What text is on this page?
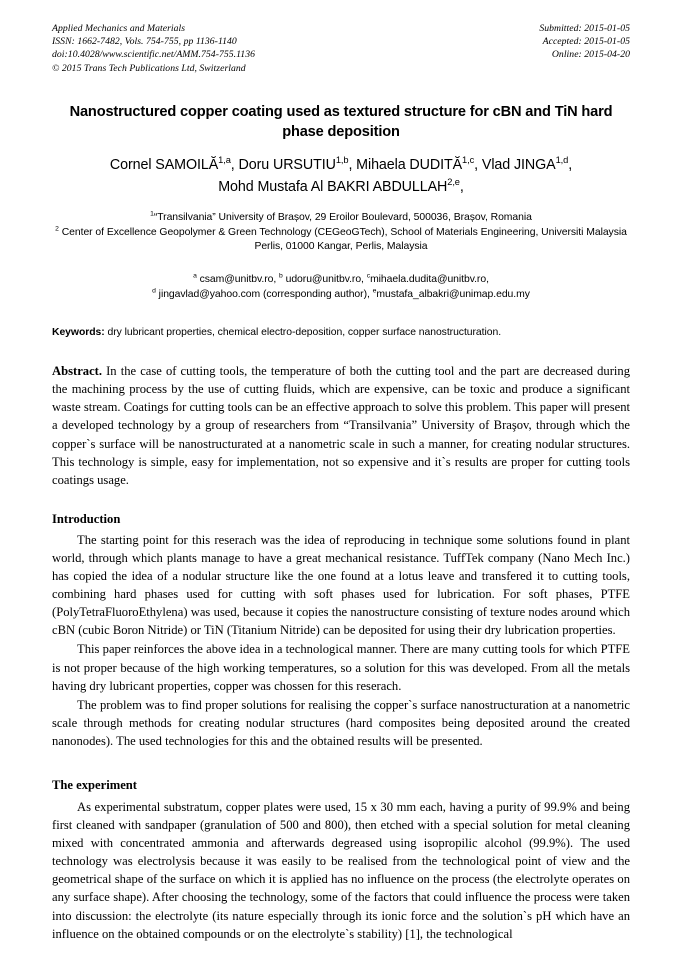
Applied Mechanics and Materials
ISSN: 1662-7482, Vols. 754-755, pp 1136-1140
doi:10.4028/www.scientific.net/AMM.754-755.1136
© 2015 Trans Tech Publications Ltd, Switzerland
Submitted: 2015-01-05
Accepted: 2015-01-05
Online: 2015-04-20
Nanostructured copper coating used as textured structure for cBN and TiN hard phase deposition
Cornel SAMOILĂ$^{1,a}$, Doru URSUTIU$^{1,b}$, Mihaela DUDITĂ$^{1,c}$, Vlad JINGA$^{1,d}$,
Mohd Mustafa Al BAKRI ABDULLAH$^{2,e}$,
$^1$“Transilvania” University of Brașov, 29 Eroilor Boulevard, 500036, Brașov, Romania
$^2$ Center of Excellence Geopolymer & Green Technology (CEGeoGTech), School of Materials Engineering, Universiti Malaysia Perlis, 01000 Kangar, Perlis, Malaysia
$^a$ csam@unitbv.ro, $^b$ udoru@unitbv.ro, $^c$mihaela.dudita@unitbv.ro,
$^d$ jingavlad@yahoo.com (corresponding author), $^e$mustafa_albakri@unimap.edu.my
Keywords: dry lubricant properties, chemical electro-deposition, copper surface nanostructuration.
Abstract. In the case of cutting tools, the temperature of both the cutting tool and the part are decreased during the machining process by the use of cutting fluids, which are expensive, can be toxic and produce a significant waste stream. Coatings for cutting tools can be an effective approach to solve this problem. This paper will present a developed technology by a group of researchers from “Transilvania” University of Braşov, through which the copper`s surface will be nanostructurated at a nanometric scale in such a manner, for creating nodular structures. This technology is simple, easy for implementation, not so expensive and it`s results are proper for cutting tools coatings usage.
Introduction

The starting point for this reserach was the idea of reproducing in technique some solutions found in plant world, through which plants manage to have a great mechanical resistance. TuffTek company (Nano Mech Inc.) has copied the idea of a nodular structure like the one found at a lotus leave and transfered it to cutting tools, combining hard phases used for cutting with soft phases used for lubrication. For soft phases, PTFE (PolyTetraFluoroEthylena) was used, because it copies the nanostructure consisting of texture nodes around which cBN (cubic Boron Nitride) or TiN (Titanium Nitride) can be deposited for using their dry lubrication properties.

This paper reinforces the above idea in a technological manner. There are many cutting tools for which PTFE is not proper because of the high working temperatures, so a solution for this was developed. From all the metals having dry lubricant properties, copper was chossen for this reserach.

The problem was to find proper solutions for realising the copper`s surface nanostructuration at a nanometric scale through methods for creating nodular structures (hard composites being deposited around the created nanonodes). The used technologies for this and the obtained results will be presented.

The experiment

As experimental substratum, copper plates were used, 15 x 30 mm each, having a purity of 99.9% and being first cleaned with sandpaper (granulation of 500 and 800), then etched with a special solution for metal cleaning mixed with concentrated ammonia and afterwards degreased using isopropilic alcohol (99.9%). The used technology was electrolysis because it was easily to be realised from the technological point of view and the geometrical shape of the surface on which it is applied has no influence on the process (the electrolyte operates on any surface shape). After choosing the technology, some of the factors that could influence the process were taken into discussion: the electrolyte (its nature especially through its ionic force and the solution`s pH which have an influence on the obtained compounds or on the electrolyte`s stability) [1], the technological
